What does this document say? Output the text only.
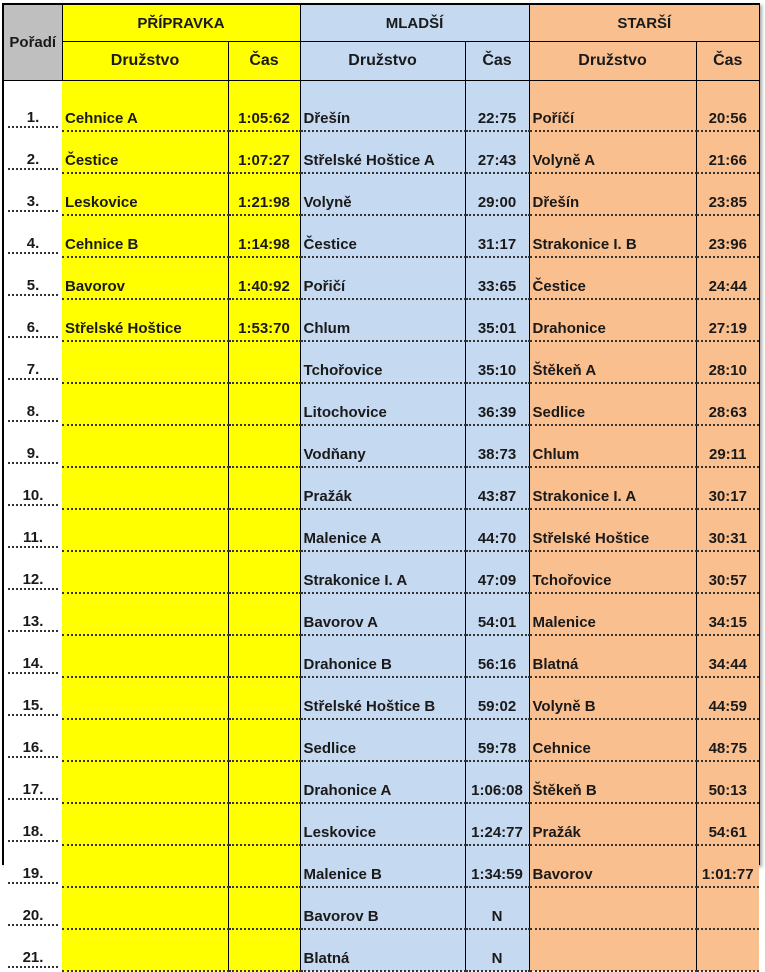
Pořadí	PŘÍPRAVKA		MLADŠÍ		STARŠÍ	
	Družstvo	Čas	Družstvo	Čas	Družstvo	Čas

1.	Cehnice A	1:05:62	Dřešín	22:75	Poříčí	20:56

2.	Čestice	1:07:27	Střelské Hoštice A	27:43	Volyně A	21:66

3.	Leskovice	1:21:98	Volyně	29:00	Dřešín	23:85

4.	Cehnice B	1:14:98	Čestice	31:17	Strakonice I. B	23:96

5.	Bavorov	1:40:92	Pořičí	33:65	Čestice	24:44

6.	Střelské Hoštice	1:53:70	Chlum	35:01	Drahonice	27:19

7.			Tchořovice	35:10	Štěkeň A	28:10

8.			Litochovice	36:39	Sedlice	28:63

9.			Vodňany	38:73	Chlum	29:11

10.			Pražák	43:87	Strakonice I. A	30:17

11.			Malenice A	44:70	Střelské Hoštice	30:31

12.			Strakonice I. A	47:09	Tchořovice	30:57

13.			Bavorov A	54:01	Malenice	34:15

14.			Drahonice B	56:16	Blatná	34:44

15.			Střelské Hoštice B	59:02	Volyně B	44:59

16.			Sedlice	59:78	Cehnice	48:75

17.			Drahonice A	1:06:08	Štěkeň B	50:13

18.			Leskovice	1:24:77	Pražák	54:61

19.			Malenice B	1:34:59	Bavorov	1:01:77

20.			Bavorov B	N		

21.			Blatná	N		
